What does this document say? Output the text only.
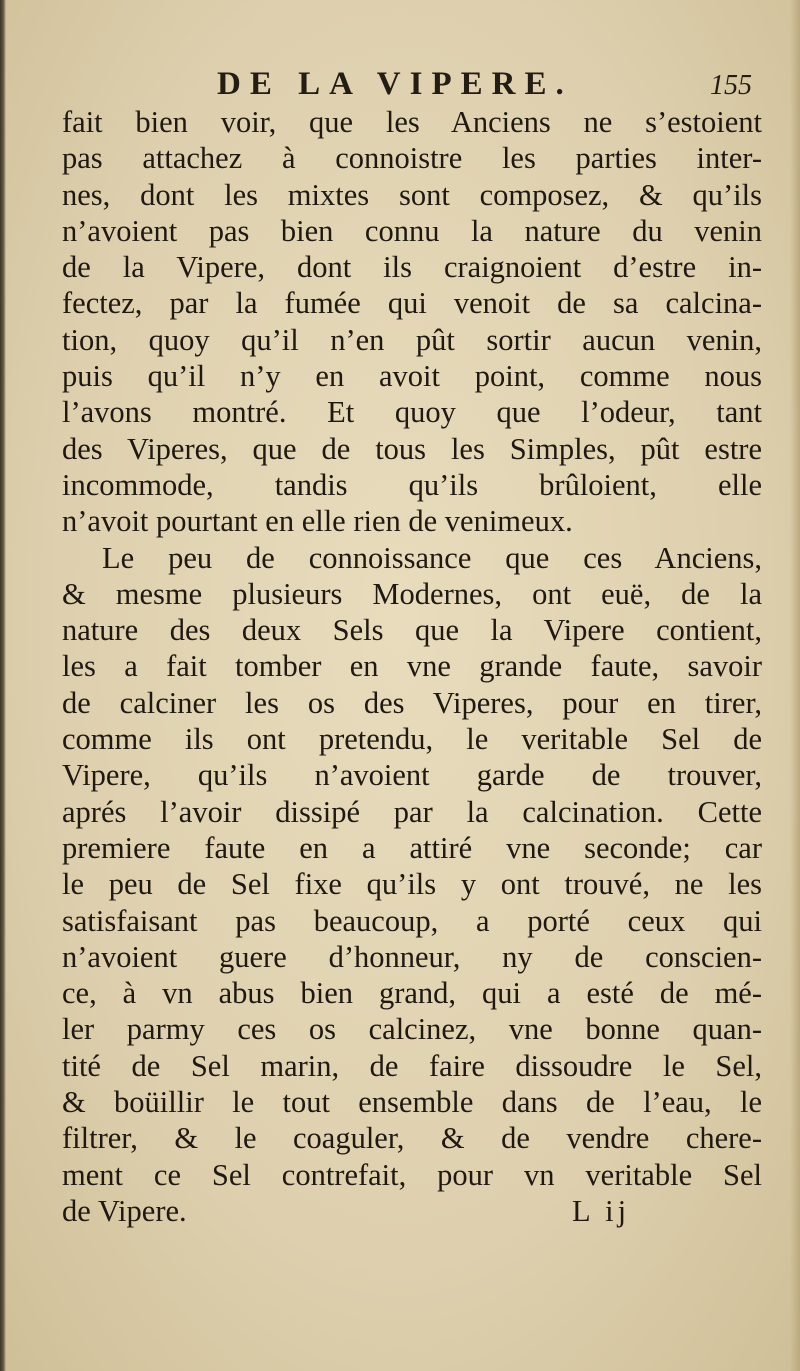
DE LA VIPERE.	155
fait bien voir, que les Anciens ne s’estoient
pas attachez à connoistre les parties inter-
nes, dont les mixtes sont composez, & qu’ils
n’avoient pas bien connu la nature du venin
de la Vipere, dont ils craignoient d’estre in-
fectez, par la fumée qui venoit de sa calcina-
tion, quoy qu’il n’en pût sortir aucun venin,
puis qu’il n’y en avoit point, comme nous
l’avons montré. Et quoy que l’odeur, tant
des Viperes, que de tous les Simples, pût estre
incommode, tandis qu’ils brûloient, elle
n’avoit pourtant en elle rien de venimeux.
Le peu de connoissance que ces Anciens,
& mesme plusieurs Modernes, ont euë, de la
nature des deux Sels que la Vipere contient,
les a fait tomber en vne grande faute, savoir
de calciner les os des Viperes, pour en tirer,
comme ils ont pretendu, le veritable Sel de
Vipere, qu’ils n’avoient garde de trouver,
aprés l’avoir dissipé par la calcination. Cette
premiere faute en a attiré vne seconde; car
le peu de Sel fixe qu’ils y ont trouvé, ne les
satisfaisant pas beaucoup, a porté ceux qui
n’avoient guere d’honneur, ny de conscien-
ce, à vn abus bien grand, qui a esté de mé-
ler parmy ces os calcinez, vne bonne quan-
tité de Sel marin, de faire dissoudre le Sel,
& boüillir le tout ensemble dans de l’eau, le
filtrer, & le coaguler, & de vendre chere-
ment ce Sel contrefait, pour vn veritable Sel
de Vipere.	L ij
